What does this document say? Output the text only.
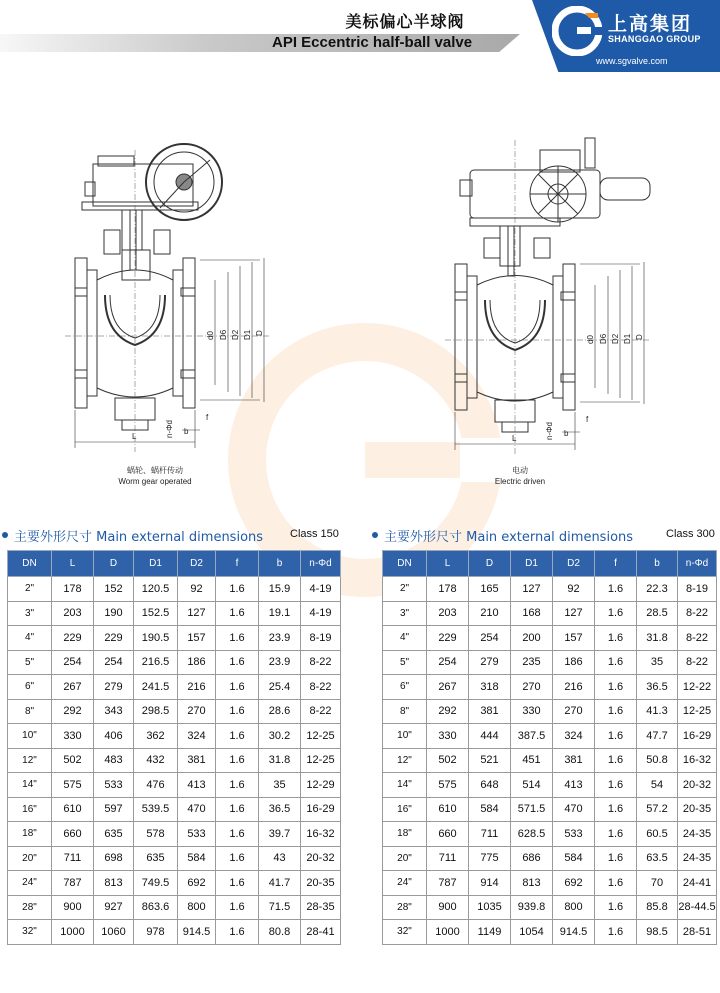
美标偏心半球阀
API Eccentric half-ball valve
上高集团
SHANGGAO GROUP
www.sgvalve.com
d0 D6 D2 D1 D
n-Φd b
f
L
蜗轮、蜗杆传动
Worm gear operated
d0 D6 D2 D1 D
n-Φd b
f
L
电动
Electric driven
主要外形尺寸 Main external dimensions Class 150	主要外形尺寸 Main external dimensions	Class 300
DN	L	D	D1	D2	f	b	n-Φd
2"	178	152	120.5	92	1.6	15.9	4-19
3"	203	190	152.5	127	1.6	19.1	4-19
4"	229	229	190.5	157	1.6	23.9	8-19
5"	254	254	216.5	186	1.6	23.9	8-22
6"	267	279	241.5	216	1.6	25.4	8-22
8"	292	343	298.5	270	1.6	28.6	8-22
10"	330	406	362	324	1.6	30.2	12-25
12"	502	483	432	381	1.6	31.8	12-25
14"	575	533	476	413	1.6	35	12-29
16"	610	597	539.5	470	1.6	36.5	16-29
18"	660	635	578	533	1.6	39.7	16-32
20"	711	698	635	584	1.6	43	20-32
24"	787	813	749.5	692	1.6	41.7	20-35
28"	900	927	863.6	800	1.6	71.5	28-35
32"	1000	1060	978	914.5	1.6	80.8	28-41
DN	L	D	D1	D2	f	b	n-Φd
2"	178	165	127	92	1.6	22.3	8-19
3"	203	210	168	127	1.6	28.5	8-22
4"	229	254	200	157	1.6	31.8	8-22
5"	254	279	235	186	1.6	35	8-22
6"	267	318	270	216	1.6	36.5	12-22
8"	292	381	330	270	1.6	41.3	12-25
10"	330	444	387.5	324	1.6	47.7	16-29
12"	502	521	451	381	1.6	50.8	16-32
14"	575	648	514	413	1.6	54	20-32
16"	610	584	571.5	470	1.6	57.2	20-35
18"	660	711	628.5	533	1.6	60.5	24-35
20"	711	775	686	584	1.6	63.5	24-35
24"	787	914	813	692	1.6	70	24-41
28"	900	1035	939.8	800	1.6	85.8	28-44.5
32"	1000	1149	1054	914.5	1.6	98.5	28-51
